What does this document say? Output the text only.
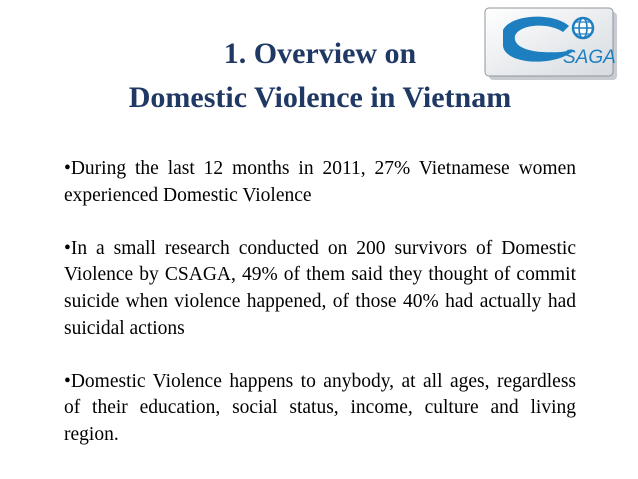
1. Overview on
Domestic Violence in Vietnam
SAGA

•During the last 12 months in 2011, 27% Vietnamese women experienced Domestic Violence

•In a small research conducted on 200 survivors of Domestic Violence by CSAGA, 49% of them said they thought of commit suicide when violence happened, of those 40% had actually had suicidal actions

•Domestic Violence happens to anybody, at all ages, regardless of their education, social status, income, culture and living region.
